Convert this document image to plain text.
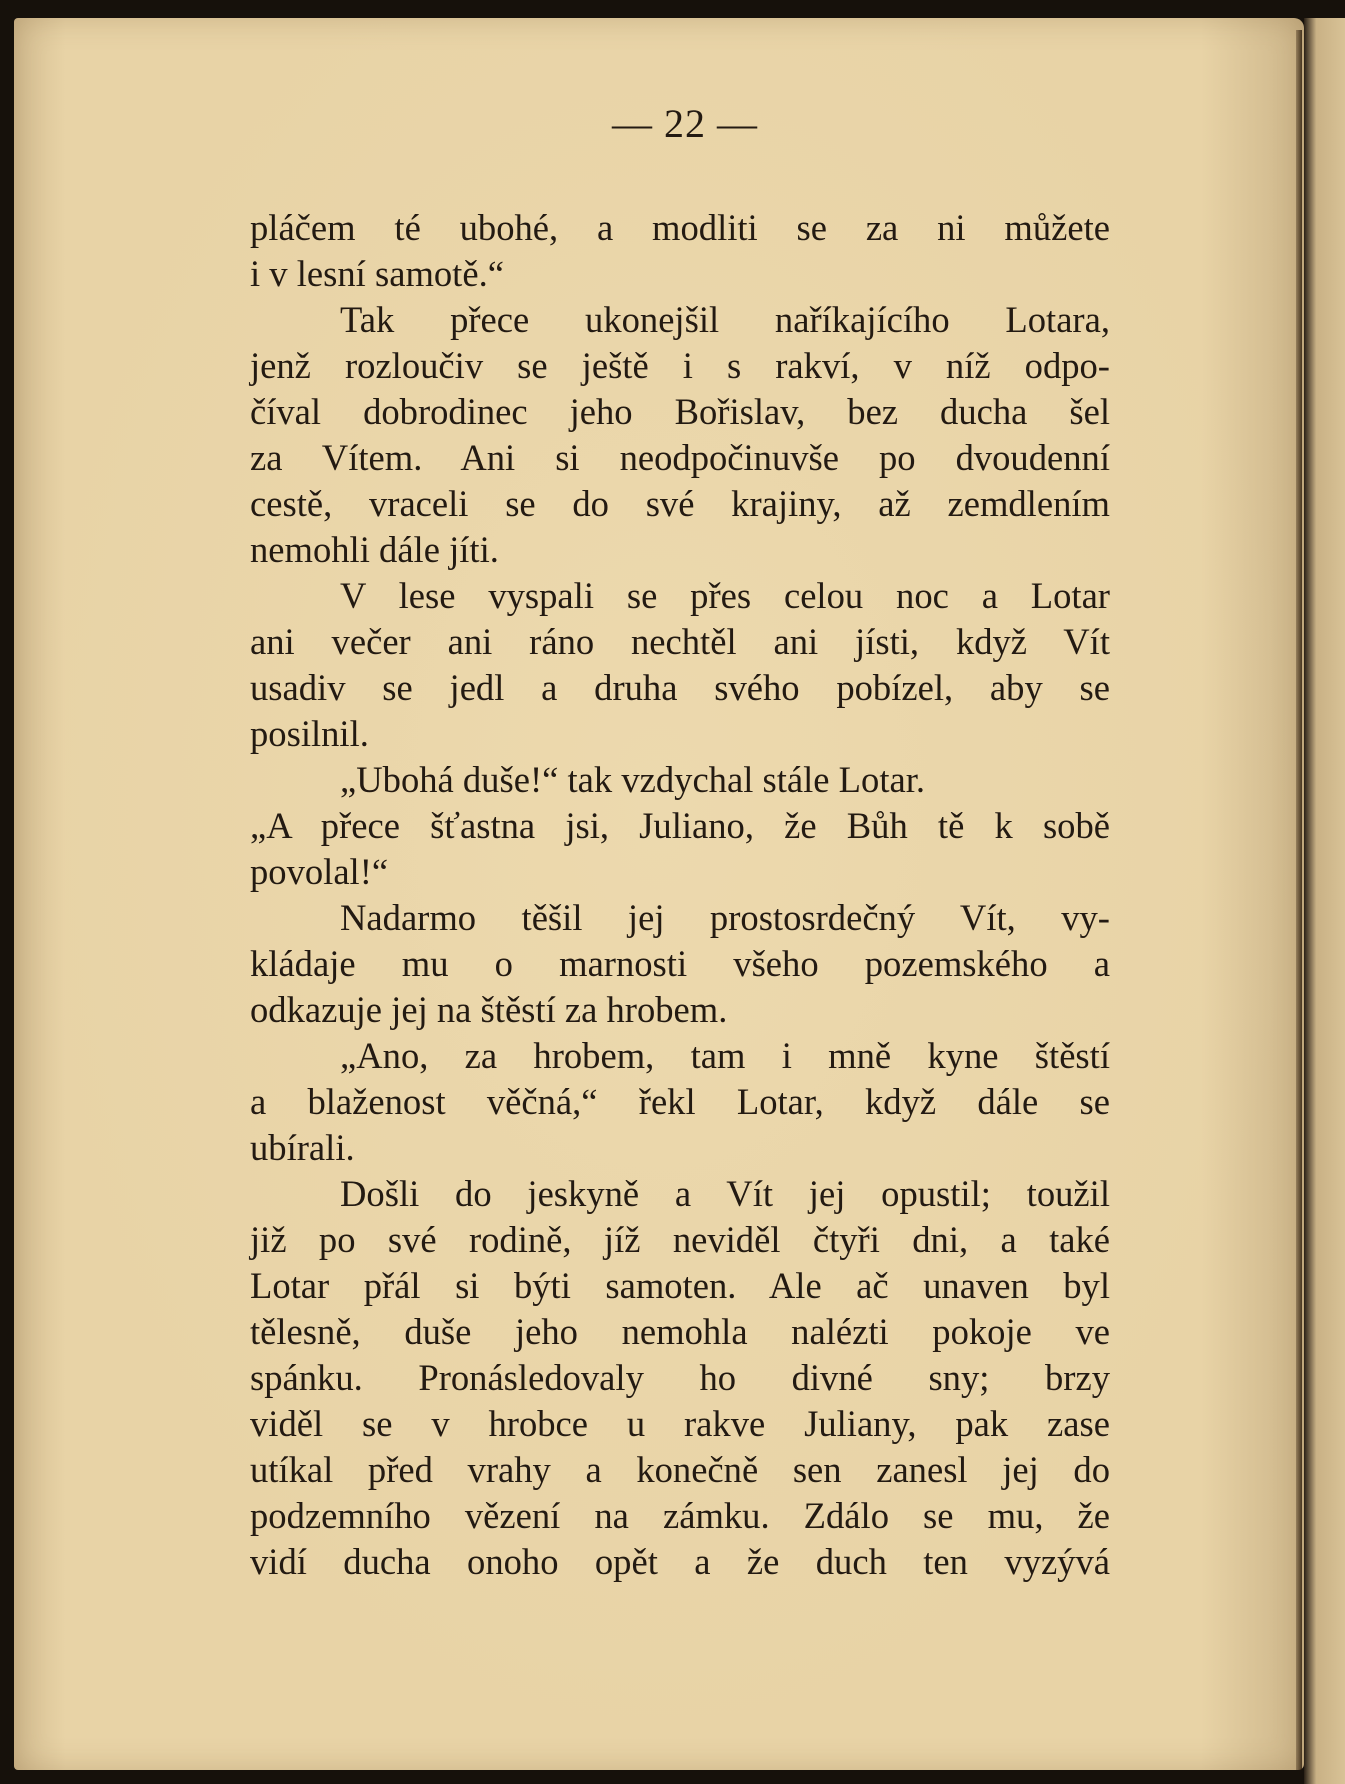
— 22 —
pláčem té ubohé, a modliti se za ni můžete
i v lesní samotě.“
Tak přece ukonejšil naříkajícího Lotara,
jenž rozloučiv se ještě i s rakví, v níž odpo-
číval dobrodinec jeho Bořislav, bez ducha šel
za Vítem. Ani si neodpočinuvše po dvoudenní
cestě, vraceli se do své krajiny, až zemdlením
nemohli dále jíti.
V lese vyspali se přes celou noc a Lotar
ani večer ani ráno nechtěl ani jísti, když Vít
usadiv se jedl a druha svého pobízel, aby se
posilnil.
„Ubohá duše!“ tak vzdychal stále Lotar.
„A přece šťastna jsi, Juliano, že Bůh tě k sobě
povolal!“
Nadarmo těšil jej prostosrdečný Vít, vy-
kládaje mu o marnosti všeho pozemského a
odkazuje jej na štěstí za hrobem.
„Ano, za hrobem, tam i mně kyne štěstí
a blaženost věčná,“ řekl Lotar, když dále se
ubírali.
Došli do jeskyně a Vít jej opustil; toužil
již po své rodině, jíž neviděl čtyři dni, a také
Lotar přál si býti samoten. Ale ač unaven byl
tělesně, duše jeho nemohla nalézti pokoje ve
spánku. Pronásledovaly ho divné sny; brzy
viděl se v hrobce u rakve Juliany, pak zase
utíkal před vrahy a konečně sen zanesl jej do
podzemního vězení na zámku. Zdálo se mu, že
vidí ducha onoho opět a že duch ten vyzývá
